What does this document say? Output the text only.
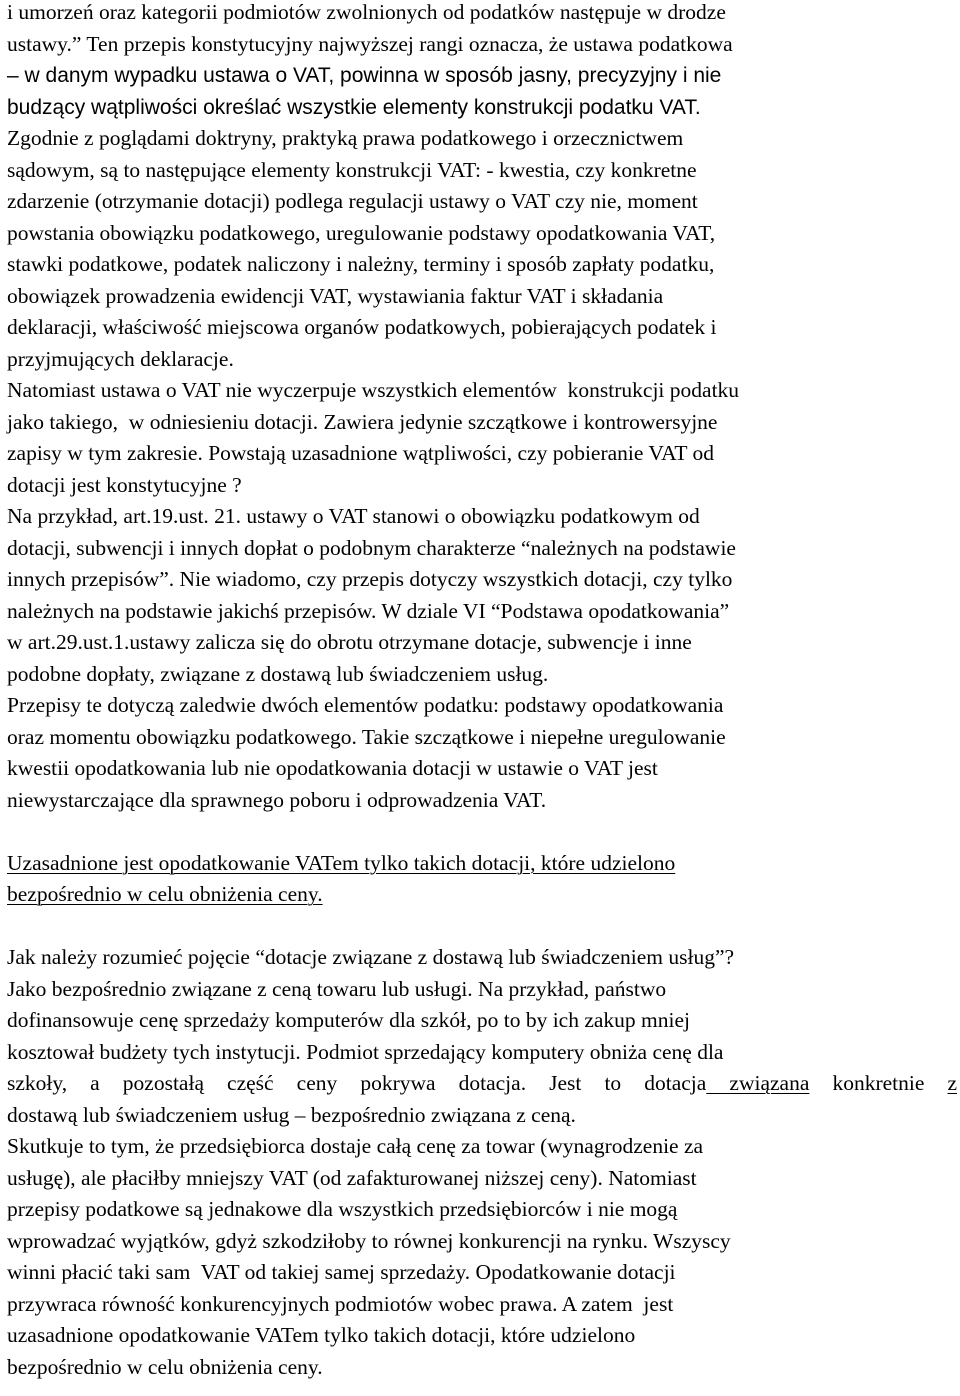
i umorzeń oraz kategorii podmiotów zwolnionych od podatków następuje w drodze
ustawy.” Ten przepis konstytucyjny najwyższej rangi oznacza, że ustawa podatkowa
– w danym wypadku ustawa o VAT, powinna w sposób jasny, precyzyjny i nie
budzący wątpliwości określać wszystkie elementy konstrukcji podatku VAT.
Zgodnie z poglądami doktryny, praktyką prawa podatkowego i orzecznictwem
sądowym, są to następujące elementy konstrukcji VAT: - kwestia, czy konkretne
zdarzenie (otrzymanie dotacji) podlega regulacji ustawy o VAT czy nie, moment
powstania obowiązku podatkowego, uregulowanie podstawy opodatkowania VAT,
stawki podatkowe, podatek naliczony i należny, terminy i sposób zapłaty podatku,
obowiązek prowadzenia ewidencji VAT, wystawiania faktur VAT i składania
deklaracji, właściwość miejscowa organów podatkowych, pobierających podatek i
przyjmujących deklaracje.
Natomiast ustawa o VAT nie wyczerpuje wszystkich elementów  konstrukcji podatku
jako takiego,  w odniesieniu dotacji. Zawiera jedynie szczątkowe i kontrowersyjne
zapisy w tym zakresie. Powstają uzasadnione wątpliwości, czy pobieranie VAT od
dotacji jest konstytucyjne ?
Na przykład, art.19.ust. 21. ustawy o VAT stanowi o obowiązku podatkowym od
dotacji, subwencji i innych dopłat o podobnym charakterze “należnych na podstawie
innych przepisów”. Nie wiadomo, czy przepis dotyczy wszystkich dotacji, czy tylko
należnych na podstawie jakichś przepisów. W dziale VI “Podstawa opodatkowania”
w art.29.ust.1.ustawy zalicza się do obrotu otrzymane dotacje, subwencje i inne
podobne dopłaty, związane z dostawą lub świadczeniem usług.
Przepisy te dotyczą zaledwie dwóch elementów podatku: podstawy opodatkowania
oraz momentu obowiązku podatkowego. Takie szczątkowe i niepełne uregulowanie
kwestii opodatkowania lub nie opodatkowania dotacji w ustawie o VAT jest
niewystarczające dla sprawnego poboru i odprowadzenia VAT.
Uzasadnione jest opodatkowanie VATem tylko takich dotacji, które udzielono
bezpośrednio w celu obniżenia ceny.
Jak należy rozumieć pojęcie “dotacje związane z dostawą lub świadczeniem usług”?
Jako bezpośrednio związane z ceną towaru lub usługi. Na przykład, państwo
dofinansowuje cenę sprzedaży komputerów dla szkół, po to by ich zakup mniej
kosztował budżety tych instytucji. Podmiot sprzedający komputery obniża cenę dla
szkoły, a pozostałą część ceny pokrywa dotacja. Jest to dotacja związana konkretnie z
dostawą lub świadczeniem usług – bezpośrednio związana z ceną.
Skutkuje to tym, że przedsiębiorca dostaje całą cenę za towar (wynagrodzenie za
usługę), ale płaciłby mniejszy VAT (od zafakturowanej niższej ceny). Natomiast
przepisy podatkowe są jednakowe dla wszystkich przedsiębiorców i nie mogą
wprowadzać wyjątków, gdyż szkodziłoby to równej konkurencji na rynku. Wszyscy
winni płacić taki sam  VAT od takiej samej sprzedaży. Opodatkowanie dotacji
przywraca równość konkurencyjnych podmiotów wobec prawa. A zatem  jest
uzasadnione opodatkowanie VATem tylko takich dotacji, które udzielono
bezpośrednio w celu obniżenia ceny.
